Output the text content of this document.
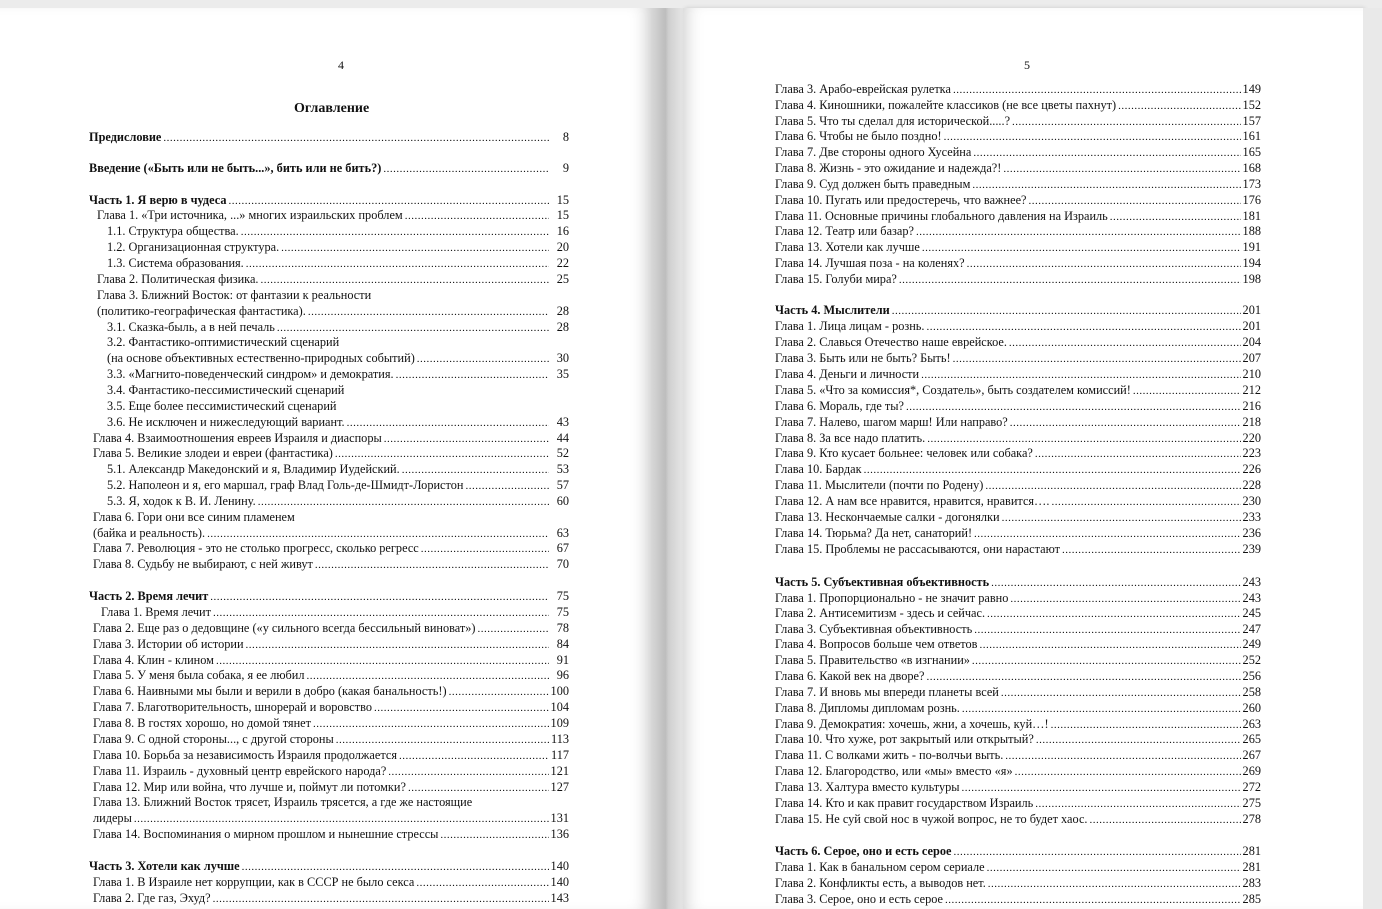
4
Оглавление
Предисловие .....	8
Введение («Быть или не быть...», бить или не бить?) .....	9
Часть 1. Я верю в чудеса .....	15
Глава 1. «Три источника, ...» многих израильских проблем .....	15
1.1. Структура общества. .....	16
1.2. Организационная структура. .....	20
1.3. Система образования. .....	22
Глава 2. Политическая физика. .....	25
Глава 3. Ближний Восток: от фантазии к реальности
(политико-географическая фантастика). .....	28
3.1. Сказка-быль, а в ней печаль .....	28
3.2. Фантастико-оптимистический сценарий
(на основе объективных естественно-природных событий) .....	30
3.3. «Магнито-поведенческий синдром» и демократия. .....	35
3.4. Фантастико-пессимистический сценарий
3.5. Еще более пессимистический сценарий
3.6. Не исключен и нижеследующий вариант. .....	43
Глава 4. Взаимоотношения евреев Израиля и диаспоры .....	44
Глава 5. Великие злодеи и евреи (фантастика) .....	52
5.1. Александр Македонский и я, Владимир Иудейский. .....	53
5.2. Наполеон и я, его маршал, граф Влад Голь-де-Шмидт-Лористон .....	57
5.3. Я, ходок к В. И. Ленину. .....	60
Глава 6. Гори они все синим пламенем
(байка и реальность). .....	63
Глава 7. Революция - это не столько прогресс, сколько регресс .....	67
Глава 8. Судьбу не выбирают, с ней живут .....	70
Часть 2. Время лечит .....	75
Глава 1. Время лечит .....	75
Глава 2. Еще раз о дедовщине («у сильного всегда бессильный виноват») .....	78
Глава 3. Истории об истории .....	84
Глава 4. Клин - клином .....	91
Глава 5. У меня была собака, я ее любил .....	96
Глава 6. Наивными мы были и верили в добро (какая банальность!) .....	100
Глава 7. Благотворительность, шнорерай и воровство .....	104
Глава 8. В гостях хорошо, но домой тянет .....	109
Глава 9. С одной стороны..., с другой стороны .....	113
Глава 10. Борьба за независимость Израиля продолжается .....	117
Глава 11. Израиль - духовный центр еврейского народа? .....	121
Глава 12. Мир или война, что лучше и, поймут ли потомки? .....	127
Глава 13. Ближний Восток трясет, Израиль трясется, а где же настоящие
лидеры .....	131
Глава 14. Воспоминания о мирном прошлом и нынешние стрессы .....	136
Часть 3. Хотели как лучше .....	140
Глава 1. В Израиле нет коррупции, как в СССР не было секса .....	140
Глава 2. Где газ, Эхуд? .....	143
5
Глава 3. Арабо-еврейская рулетка .....	149
Глава 4. Киношники, пожалейте классиков (не все цветы пахнут) .....	152
Глава 5. Что ты сделал для исторической.....? .....	157
Глава 6. Чтобы не было поздно! .....	161
Глава 7. Две стороны одного Хусейна .....	165
Глава 8. Жизнь - это ожидание и надежда?! .....	168
Глава 9. Суд должен быть праведным .....	173
Глава 10. Пугать или предостеречь, что важнее? .....	176
Глава 11. Основные причины глобального давления на Израиль .....	181
Глава 12. Театр или базар? .....	188
Глава 13. Хотели как лучше .....	191
Глава 14. Лучшая поза - на коленях? .....	194
Глава 15. Голуби мира? .....	198
Часть 4. Мыслители .....	201
Глава 1. Лица лицам - рознь. .....	201
Глава 2. Славься Отечество наше еврейское. .....	204
Глава 3. Быть или не быть? Быть! .....	207
Глава 4. Деньги и личности .....	210
Глава 5. «Что за комиссия*, Создатель», быть создателем комиссий! .....	212
Глава 6. Мораль, где ты? .....	216
Глава 7. Налево, шагом марш! Или направо? .....	218
Глава 8. За все надо платить. .....	220
Глава 9. Кто кусает больнее: человек или собака? .....	223
Глава 10. Бардак .....	226
Глава 11. Мыслители (почти по Родену) .....	228
Глава 12. А нам все нравится, нравится, нравится…. .....	230
Глава 13. Нескончаемые салки - догонялки .....	233
Глава 14. Тюрьма? Да нет, санаторий! .....	236
Глава 15. Проблемы не рассасываются, они нарастают .....	239
Часть 5. Субъективная объективность .....	243
Глава 1. Пропорционально - не значит равно .....	243
Глава 2. Антисемитизм - здесь и сейчас. .....	245
Глава 3. Субъективная объективность .....	247
Глава 4. Вопросов больше чем ответов .....	249
Глава 5. Правительство «в изгнании» .....	252
Глава 6. Какой век на дворе? .....	256
Глава 7. И вновь мы впереди планеты всей .....	258
Глава 8. Дипломы дипломам рознь. .....	260
Глава 9. Демократия: хочешь, жни, а хочешь, куй…! .....	263
Глава 10. Что хуже, рот закрытый или открытый? .....	265
Глава 11. С волками жить - по-волчьи выть. .....	267
Глава 12. Благородство, или «мы» вместо «я» .....	269
Глава 13. Халтура вместо культуры .....	272
Глава 14. Кто и как правит государством Израиль .....	275
Глава 15. Не суй свой нос в чужой вопрос, не то будет хаос. .....	278
Часть 6. Серое, оно и есть серое .....	281
Глава 1. Как в банальном сером сериале .....	281
Глава 2. Конфликты есть, а выводов нет. .....	283
Глава 3. Серое, оно и есть серое .....	285
